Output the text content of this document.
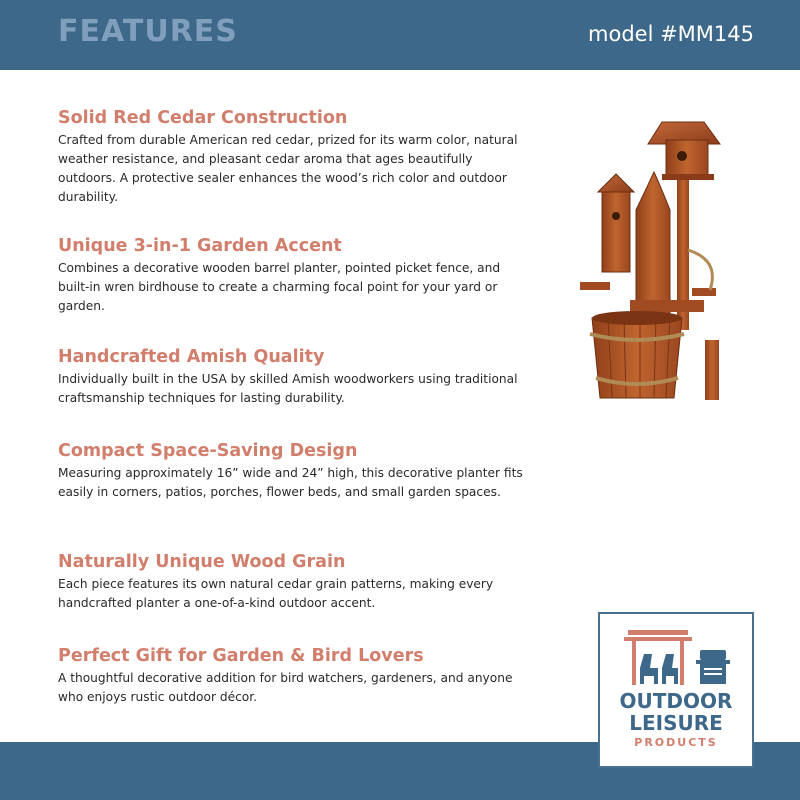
FEATURES	model #MM145
Solid Red Cedar Construction

Crafted from durable American red cedar, prized for its warm color, natural weather resistance, and pleasant cedar aroma that ages beautifully outdoors. A protective sealer enhances the wood’s rich color and outdoor durability.

Unique 3-in-1 Garden Accent

Combines a decorative wooden barrel planter, pointed picket fence, and built-in wren birdhouse to create a charming focal point for your yard or garden.

Handcrafted Amish Quality

Individually built in the USA by skilled Amish woodworkers using traditional craftsmanship techniques for lasting durability.

Compact Space-Saving Design

Measuring approximately 16” wide and 24” high, this decorative planter fits easily in corners, patios, porches, flower beds, and small garden spaces.

Naturally Unique Wood Grain

Each piece features its own natural cedar grain patterns, making every handcrafted planter a one-of-a-kind outdoor accent.

Perfect Gift for Garden & Bird Lovers

A thoughtful decorative addition for bird watchers, gardeners, and anyone who enjoys rustic outdoor décor.	OUTDOOR
LEISURE
PRODUCTS
